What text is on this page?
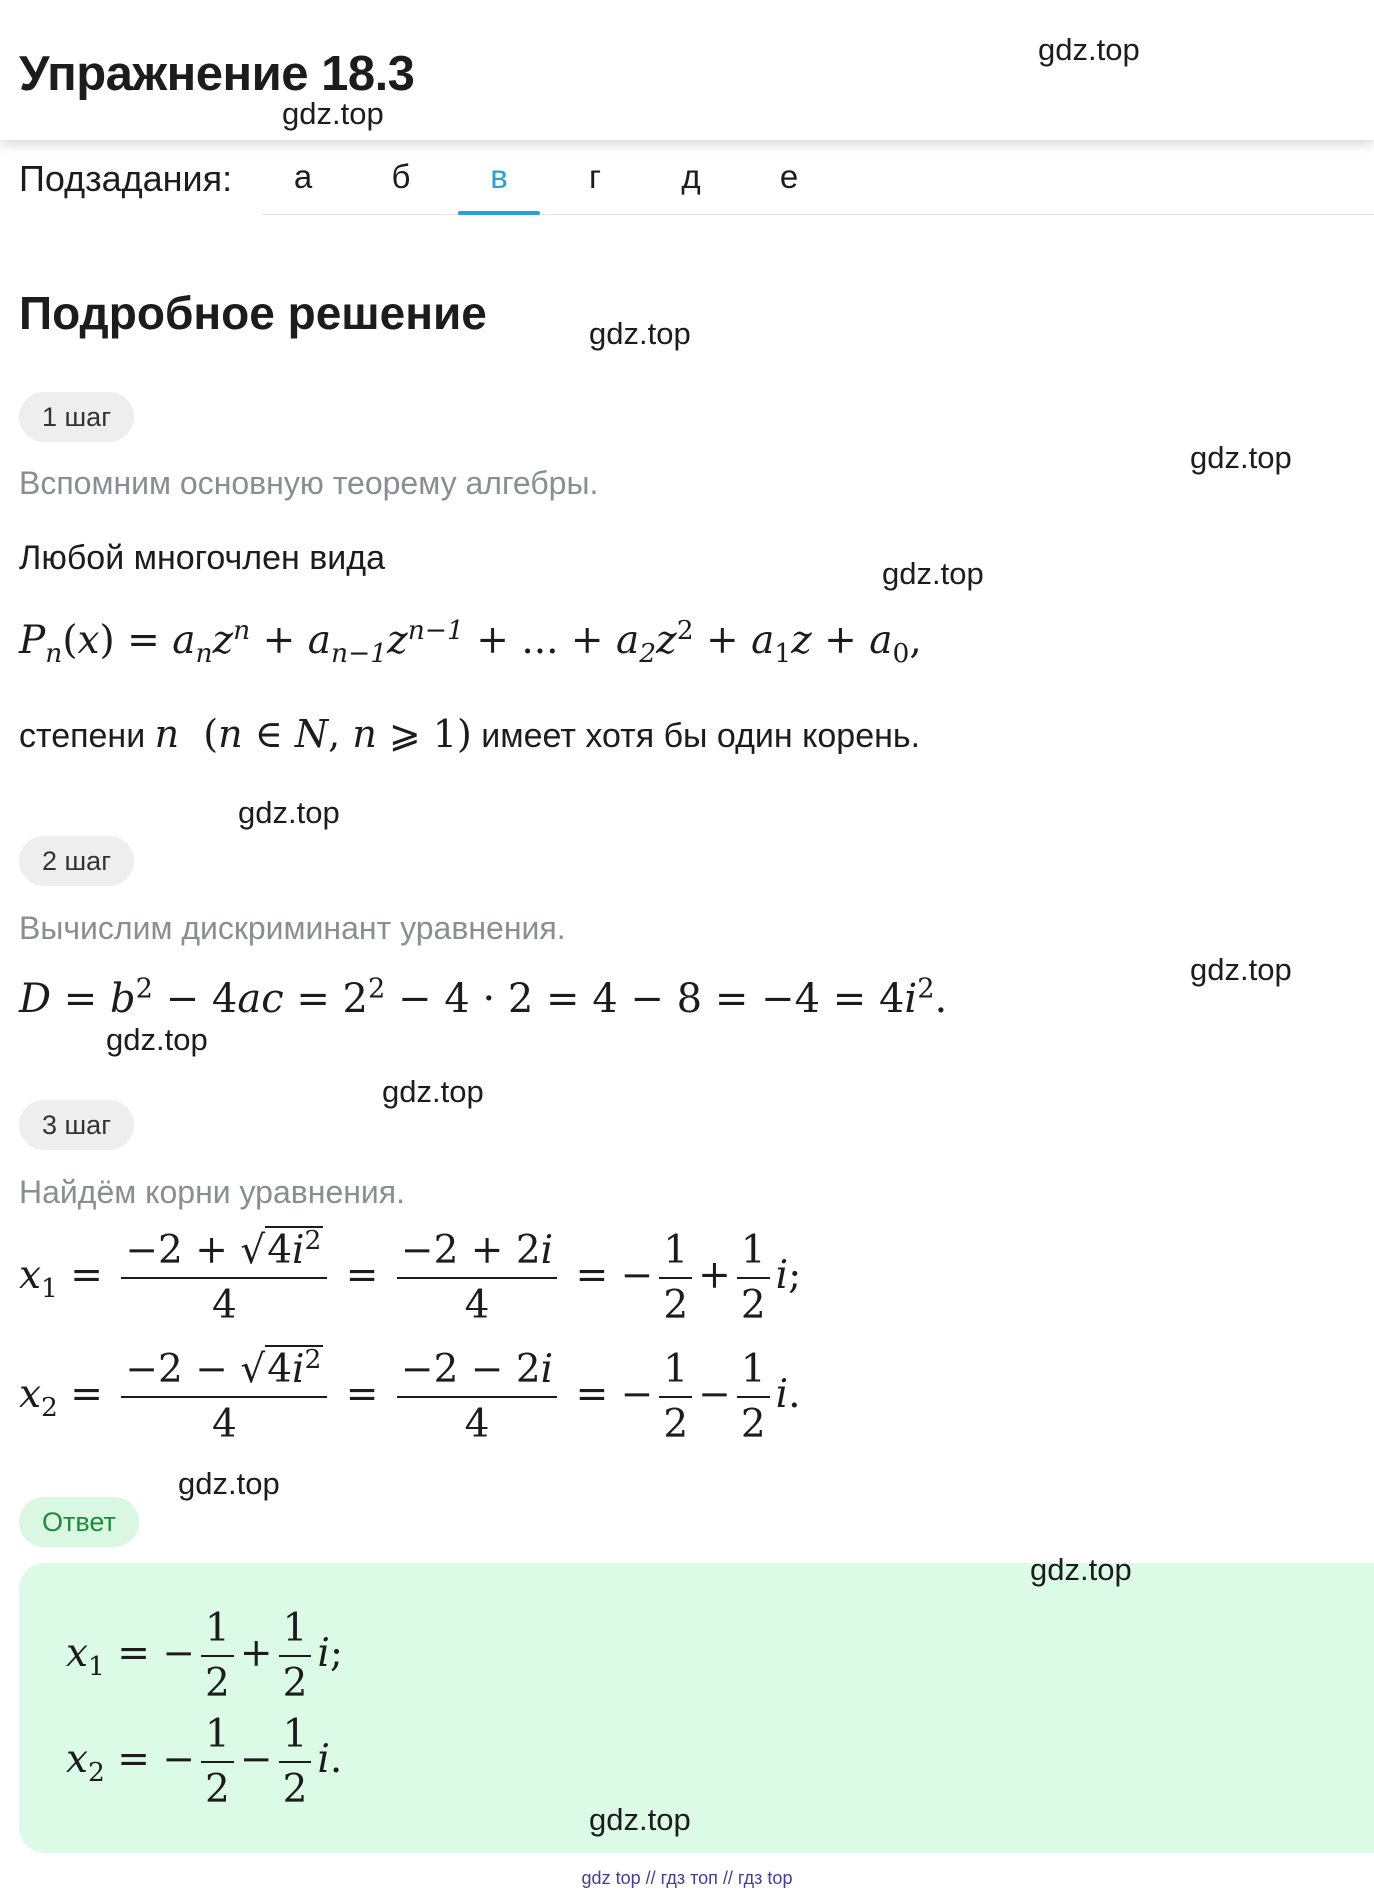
Упражнение 18.3
Подзадания:	а	б	в	г	д	е
Подробное решение
1 шаг
Вспомним основную теорему алгебры.
Любой многочлен вида
$P_n(x) = a_nz^n + a_{n-1}z^{n-1}$ + ... + $a_2z^2 + a_1z + a_0$,
степени n  (n ∈ N, n ⩾ 1) имеет хотя бы один корень.
2 шаг
Вычислим дискриминант уравнения.
$D = b^2 - 4ac = 2^2 - 4 \cdot 2 = 4 - 8 = -4 = 4i^2$.
3 шаг
Найдём корни уравнения.
$x_1 = \frac{-2 + √4i^2}{4} = \frac{-2 + 2i}{4}$ = − $\frac{1}{2} + \frac{1}{2} i$;
$x_2 = \frac{-2 - √4i^2}{4} = \frac{-2 - 2i}{4}$ = − $\frac{1}{2} - \frac{1}{2} i$.
Ответ
$x_1$ = − $\frac{1}{2} + \frac{1}{2} i$;
$x_2$ = − $\frac{1}{2} - \frac{1}{2} i$.
gdz.top
gdz.top
gdz.top
gdz.top
gdz.top
gdz.top
gdz.top
gdz.top
gdz.top
gdz.top
gdz.top
gdz.top
gdz top // гдз топ // гдз top
